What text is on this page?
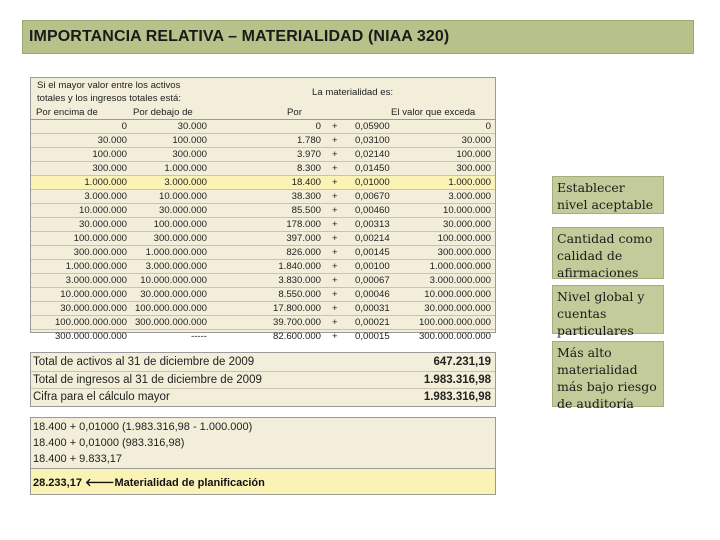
IMPORTANCIA RELATIVA – MATERIALIDAD (NIAA 320)
Si el mayor valor entre los activos
totales y los ingresos totales está:
La materialidad es:
Por encima de	Por debajo de	Por	El valor que exceda
0	30.000	0 + 0,05900	0
30.000	100.000	1.780 + 0,03100	30.000
100.000	300.000	3.970 + 0,02140	100.000
300.000	1.000.000	8.300 + 0,01450	300.000
1.000.000	3.000.000	18.400 + 0,01000	1.000.000
3.000.000	10.000.000	38.300 + 0,00670	3.000.000
10.000.000	30.000.000	85.500 + 0,00460	10.000.000
30.000.000	100.000.000	178.000 + 0,00313	30.000.000
100.000.000	300.000.000	397.000 + 0,00214	100.000.000
300.000.000 1.000.000.000	826.000 + 0,00145	300.000.000
1.000.000.000 3.000.000.000	1.840.000 + 0,00100	1.000.000.000
3.000.000.000 10.000.000.000	3.830.000 + 0,00067	3.000.000.000
10.000.000.000 30.000.000.000	8.550.000 + 0,00046	10.000.000.000
30.000.000.000 100.000.000.000	17.800.000 + 0,00031	30.000.000.000
100.000.000.000 300.000.000.000	39.700.000 + 0,00021	100.000.000.000
300.000.000.000	-----	82.600.000 + 0,00015	300.000.000.000
Total de activos al 31 de diciembre de 2009	647.231,19
Total de ingresos al 31 de diciembre de 2009	1.983.316,98
Cifra para el cálculo mayor	1.983.316,98
18.400 + 0,01000 (1.983.316,98 - 1.000.000)
18.400 + 0,01000 (983.316,98)
18.400 + 9.833,17
28.233,17 🡐Materialidad de planificación
Establecer nivel aceptable
Cantidad como calidad de afirmaciones
Nivel global y cuentas particulares
Más alto materialidad más bajo riesgo de auditoría
